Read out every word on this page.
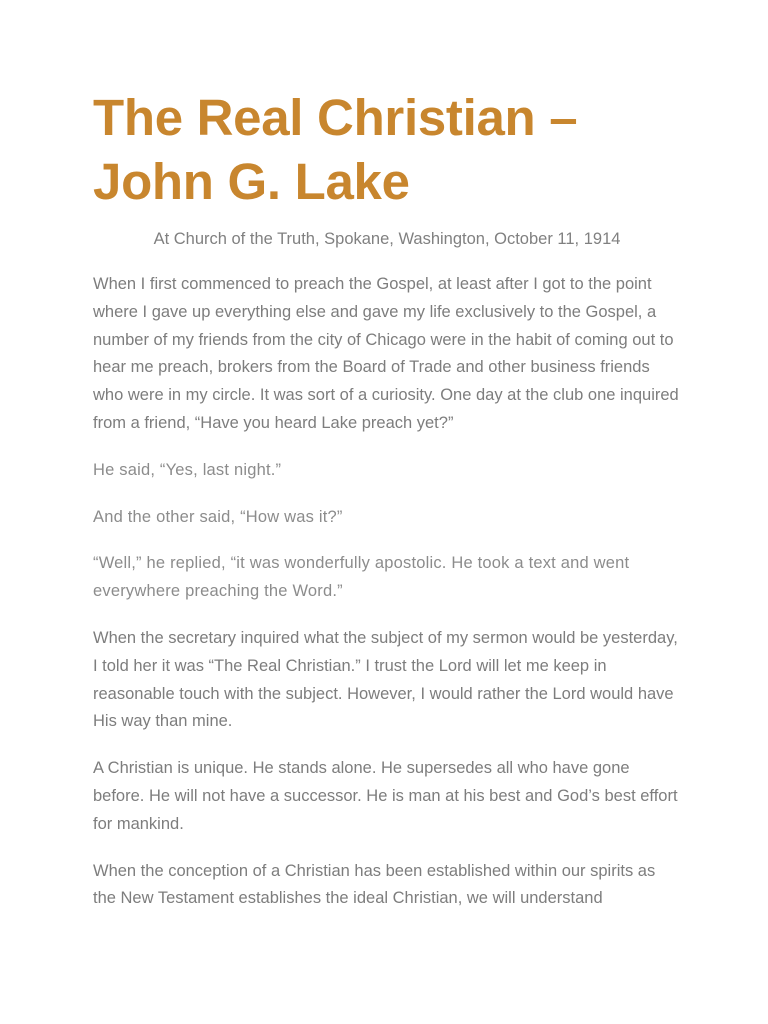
The Real Christian – John G. Lake

At Church of the Truth, Spokane, Washington, October 11, 1914

When I first commenced to preach the Gospel, at least after I got to the point where I gave up everything else and gave my life exclusively to the Gospel, a number of my friends from the city of Chicago were in the habit of coming out to hear me preach, brokers from the Board of Trade and other business friends who were in my circle. It was sort of a curiosity. One day at the club one inquired from a friend, “Have you heard Lake preach yet?”

He said, “Yes, last night.”

And the other said, “How was it?”

“Well,” he replied, “it was wonderfully apostolic. He took a text and went everywhere preaching the Word.”

When the secretary inquired what the subject of my sermon would be yesterday, I told her it was “The Real Christian.” I trust the Lord will let me keep in reasonable touch with the subject. However, I would rather the Lord would have His way than mine.

A Christian is unique. He stands alone. He supersedes all who have gone before. He will not have a successor. He is man at his best and God’s best effort for mankind.

When the conception of a Christian has been established within our spirits as the New Testament establishes the ideal Christian, we will understand
